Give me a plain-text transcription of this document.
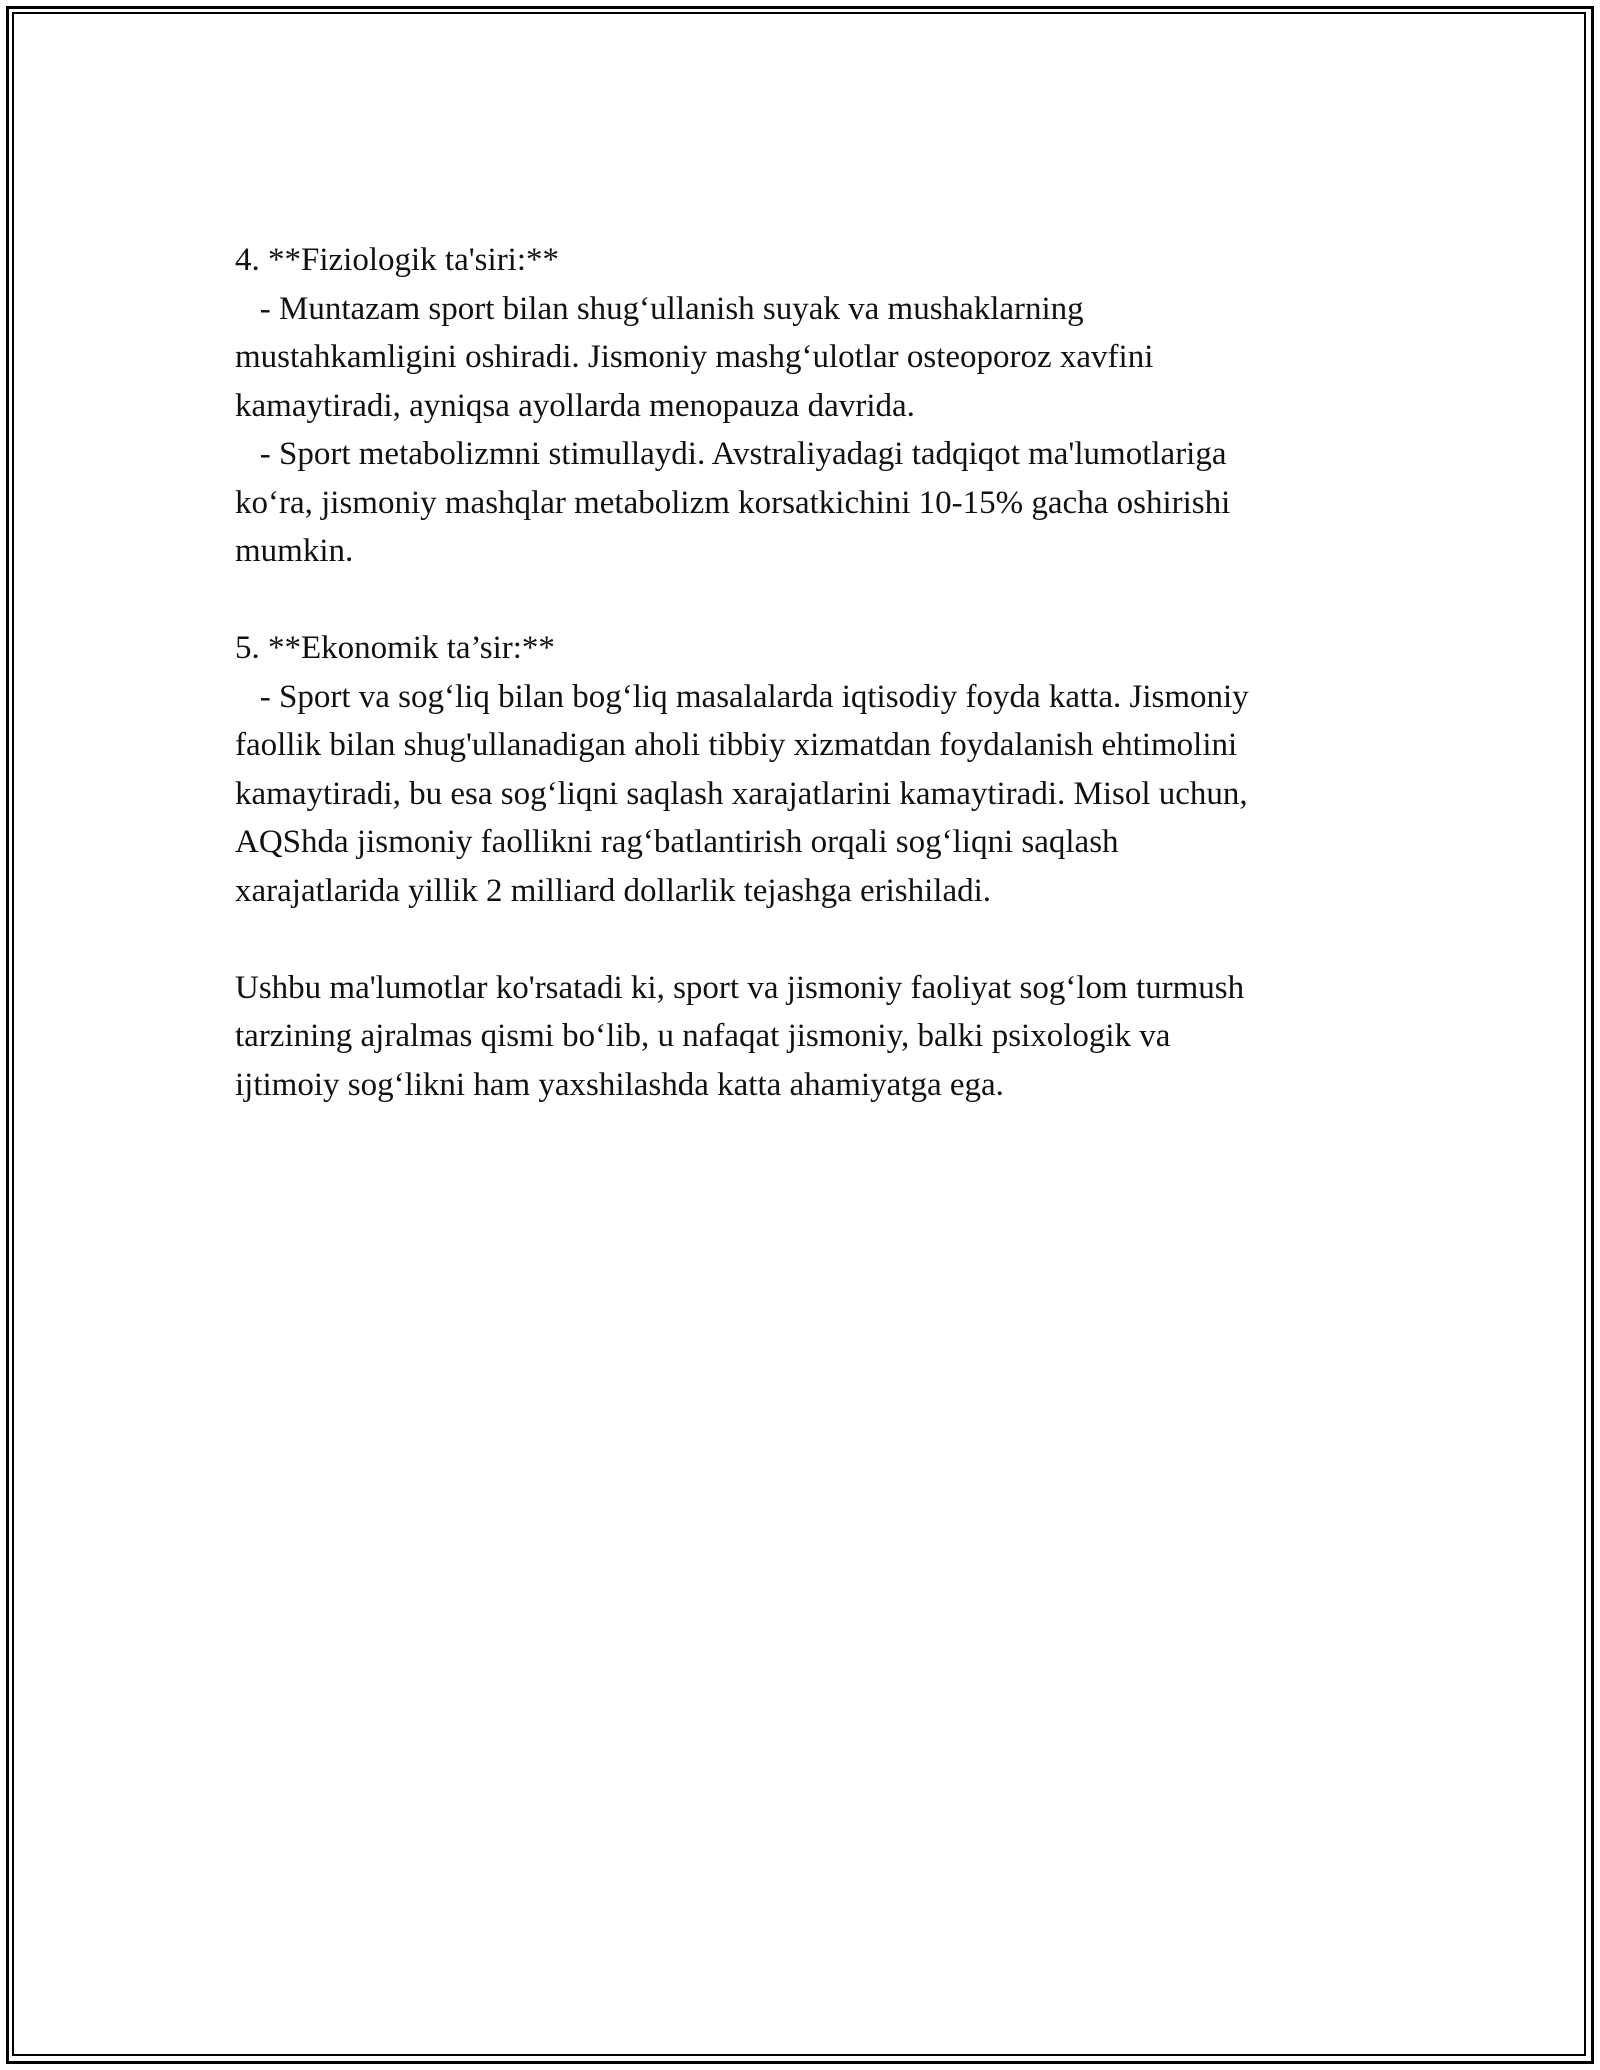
4. **Fiziologik ta'siri:**
- Muntazam sport bilan shug‘ullanish suyak va mushaklarning
mustahkamligini oshiradi. Jismoniy mashg‘ulotlar osteoporoz xavfini
kamaytiradi, ayniqsa ayollarda menopauza davrida.
- Sport metabolizmni stimullaydi. Avstraliyadagi tadqiqot ma'lumotlariga
ko‘ra, jismoniy mashqlar metabolizm korsatkichini 10-15% gacha oshirishi
mumkin.
5. **Ekonomik ta’sir:**
- Sport va sog‘liq bilan bog‘liq masalalarda iqtisodiy foyda katta. Jismoniy
faollik bilan shug'ullanadigan aholi tibbiy xizmatdan foydalanish ehtimolini
kamaytiradi, bu esa sog‘liqni saqlash xarajatlarini kamaytiradi. Misol uchun,
AQShda jismoniy faollikni rag‘batlantirish orqali sog‘liqni saqlash
xarajatlarida yillik 2 milliard dollarlik tejashga erishiladi.
Ushbu ma'lumotlar ko'rsatadi ki, sport va jismoniy faoliyat sog‘lom turmush
tarzining ajralmas qismi bo‘lib, u nafaqat jismoniy, balki psixologik va
ijtimoiy sog‘likni ham yaxshilashda katta ahamiyatga ega.
